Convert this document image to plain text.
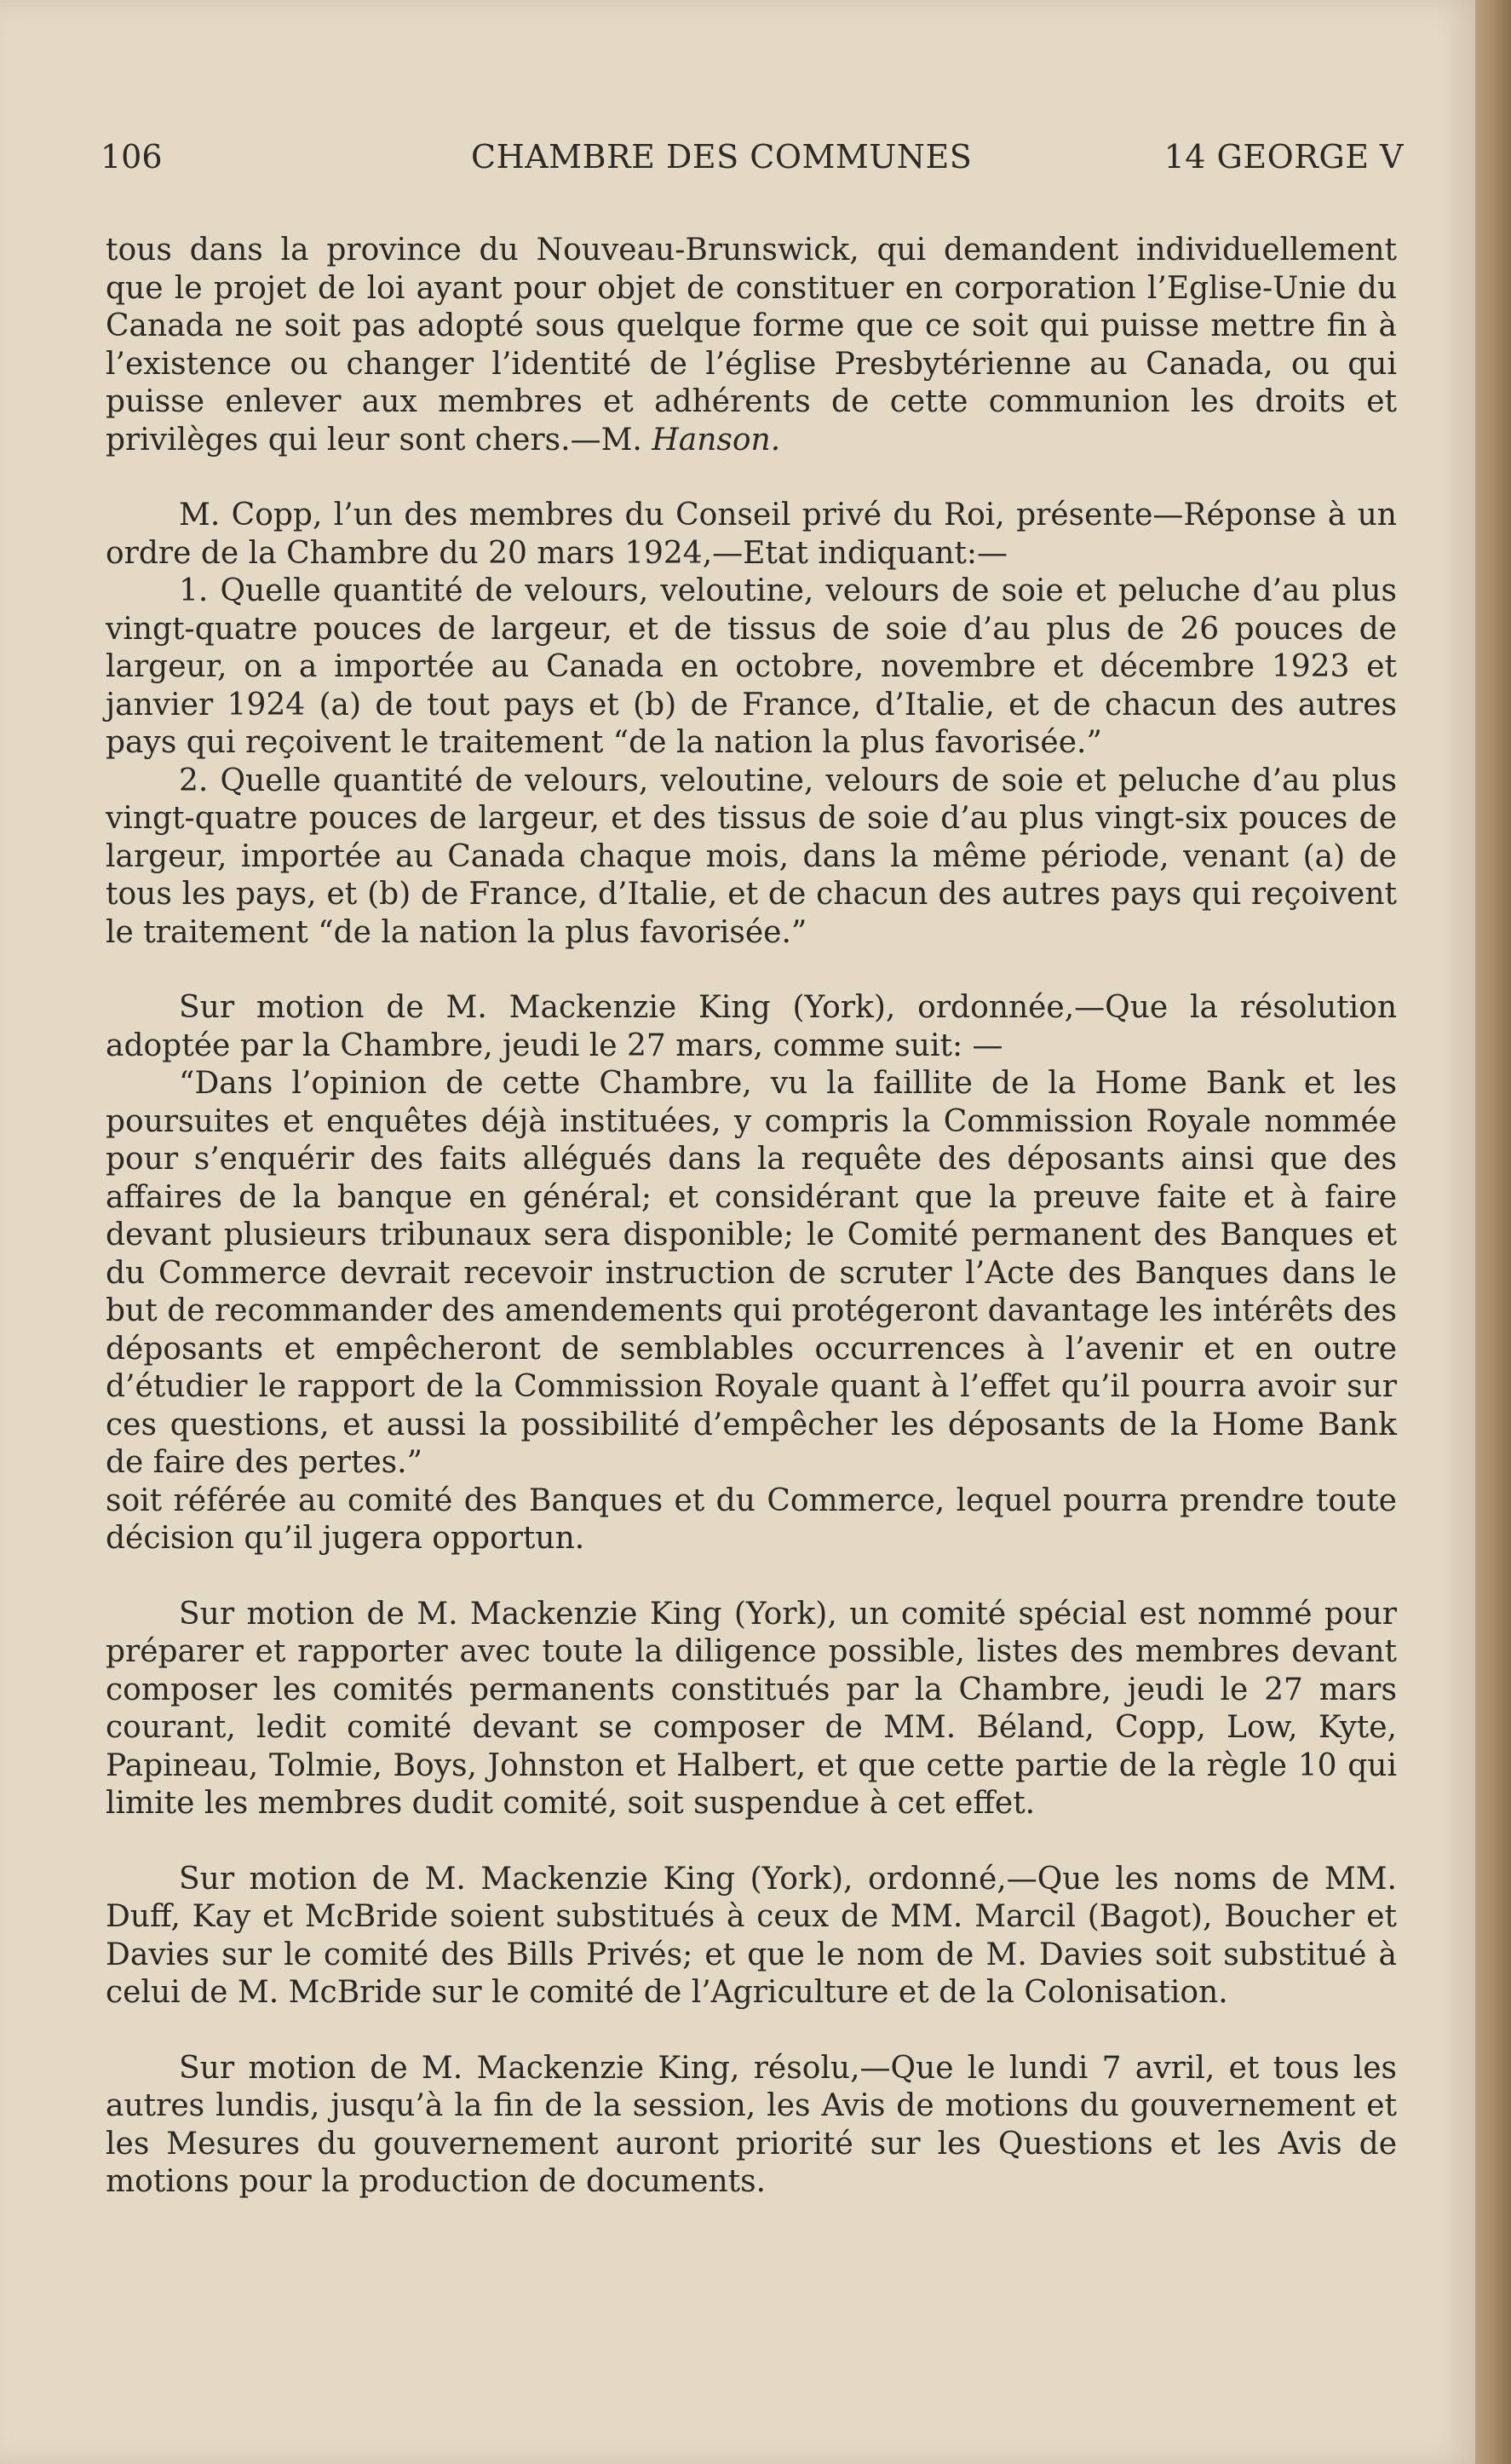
106	CHAMBRE DES COMMUNES	14 GEORGE V

tous dans la province du Nouveau-Brunswick, qui demandent individuellement que le projet de loi ayant pour objet de constituer en corporation l’Eglise-Unie du Canada ne soit pas adopté sous quelque forme que ce soit qui puisse mettre fin à l’existence ou changer l’identité de l’église Presbytérienne au Canada, ou qui puisse enlever aux membres et adhérents de cette communion les droits et privilèges qui leur sont chers.—M. Hanson.

M. Copp, l’un des membres du Conseil privé du Roi, présente—Réponse à un ordre de la Chambre du 20 mars 1924,—Etat indiquant:—

1. Quelle quantité de velours, veloutine, velours de soie et peluche d’au plus vingt-quatre pouces de largeur, et de tissus de soie d’au plus de 26 pouces de largeur, on a importée au Canada en octobre, novembre et décembre 1923 et janvier 1924 (a) de tout pays et (b) de France, d’Italie, et de chacun des autres pays qui reçoivent le traitement “de la nation la plus favorisée.”

2. Quelle quantité de velours, veloutine, velours de soie et peluche d’au plus vingt-quatre pouces de largeur, et des tissus de soie d’au plus vingt-six pouces de largeur, importée au Canada chaque mois, dans la même période, venant (a) de tous les pays, et (b) de France, d’Italie, et de chacun des autres pays qui reçoivent le traitement “de la nation la plus favorisée.”

Sur motion de M. Mackenzie King (York), ordonnée,—Que la résolution adoptée par la Chambre, jeudi le 27 mars, comme suit: —

“Dans l’opinion de cette Chambre, vu la faillite de la Home Bank et les poursuites et enquêtes déjà instituées, y compris la Commission Royale nommée pour s’enquérir des faits allégués dans la requête des déposants ainsi que des affaires de la banque en général; et considérant que la preuve faite et à faire devant plusieurs tribunaux sera disponible; le Comité permanent des Banques et du Commerce devrait recevoir instruction de scruter l’Acte des Banques dans le but de recommander des amendements qui protégeront davantage les intérêts des déposants et empêcheront de semblables occurrences à l’avenir et en outre d’étudier le rapport de la Commission Royale quant à l’effet qu’il pourra avoir sur ces questions, et aussi la possibilité d’empêcher les déposants de la Home Bank de faire des pertes.”

soit référée au comité des Banques et du Commerce, lequel pourra prendre toute décision qu’il jugera opportun.

Sur motion de M. Mackenzie King (York), un comité spécial est nommé pour préparer et rapporter avec toute la diligence possible, listes des membres devant composer les comités permanents constitués par la Chambre, jeudi le 27 mars courant, ledit comité devant se composer de MM. Béland, Copp, Low, Kyte, Papineau, Tolmie, Boys, Johnston et Halbert, et que cette partie de la règle 10 qui limite les membres dudit comité, soit suspendue à cet effet.

Sur motion de M. Mackenzie King (York), ordonné,—Que les noms de MM. Duff, Kay et McBride soient substitués à ceux de MM. Marcil (Bagot), Boucher et Davies sur le comité des Bills Privés; et que le nom de M. Davies soit substitué à celui de M. McBride sur le comité de l’Agriculture et de la Colonisation.

Sur motion de M. Mackenzie King, résolu,—Que le lundi 7 avril, et tous les autres lundis, jusqu’à la fin de la session, les Avis de motions du gouvernement et les Mesures du gouvernement auront priorité sur les Questions et les Avis de motions pour la production de documents.
